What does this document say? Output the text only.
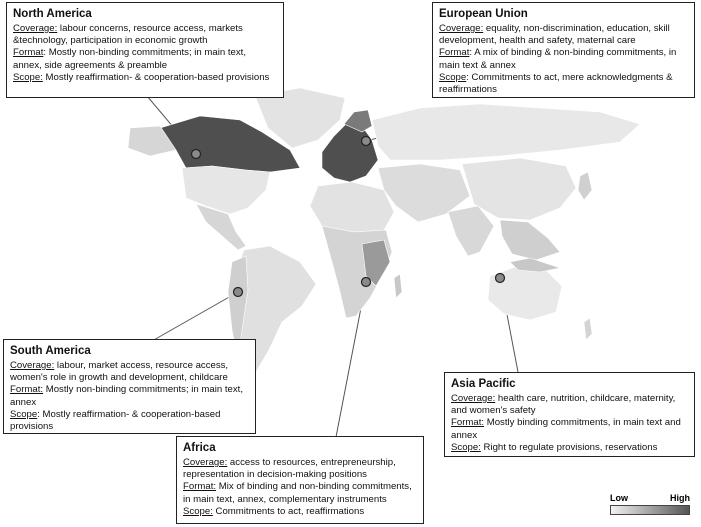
North America

Coverage: labour concerns, resource access, markets &technology, participation in economic growth

Format: Mostly non-binding commitments; in main text, annex, side agreements & preamble

Scope: Mostly reaffirmation- & cooperation-based provisions

European Union

Coverage: equality, non-discrimination, education, skill development, health and safety, maternal care

Format: A mix of binding & non-binding commitments, in main text & annex

Scope: Commitments to act, mere acknowledgments & reaffirmations

South America

Coverage: labour, market access, resource access, women's role in growth and development, childcare

Format: Mostly non-binding commitments; in main text, annex

Scope: Mostly reaffirmation- & cooperation-based provisions

Africa

Coverage: access to resources, entrepreneurship, representation in decision-making positions

Format: Mix of binding and non-binding commitments, in main text, annex, complementary instruments

Scope: Commitments to act, reaffirmations

Asia Pacific

Coverage: health care, nutrition, childcare, maternity, and women's safety

Format: Mostly binding commitments, in main text and annex

Scope: Right to regulate provisions, reservations

Low	High
